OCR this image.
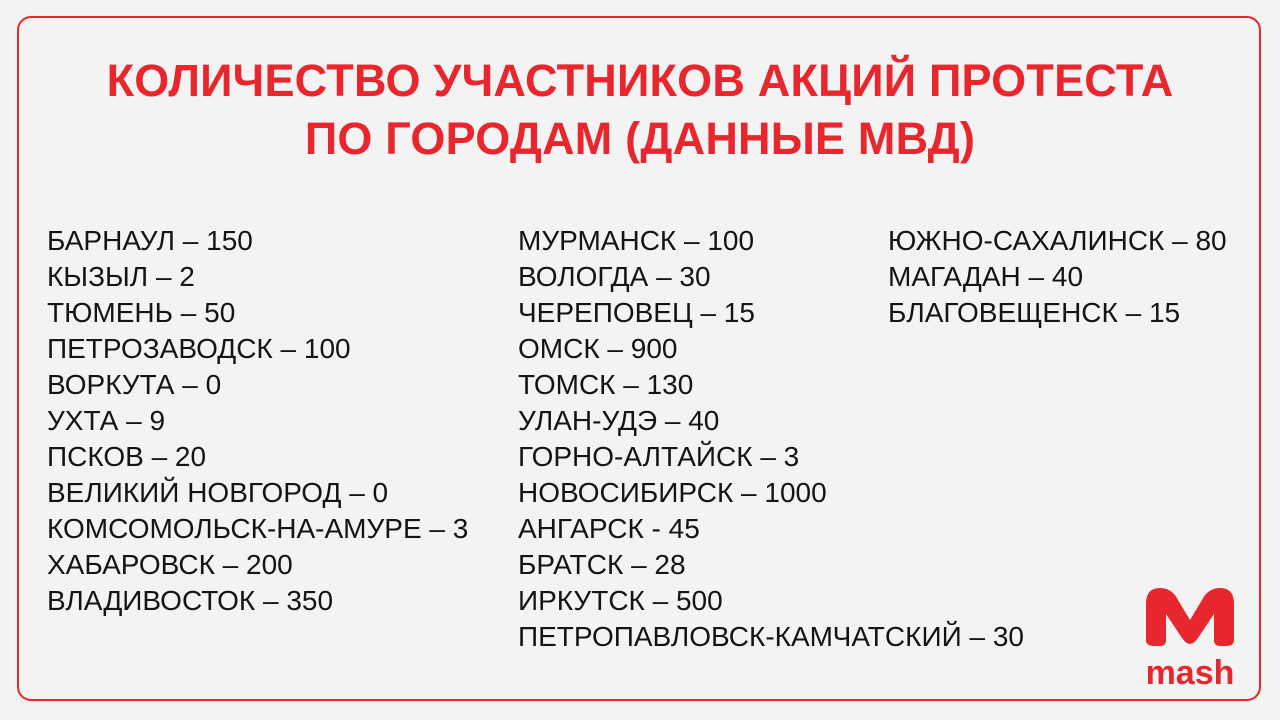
КОЛИЧЕСТВО УЧАСТНИКОВ АКЦИЙ ПРОТЕСТА
ПО ГОРОДАМ (ДАННЫЕ МВД)
БАРНАУЛ – 150
КЫЗЫЛ – 2
ТЮМЕНЬ – 50
ПЕТРОЗАВОДСК – 100
ВОРКУТА – 0
УХТА – 9
ПСКОВ – 20
ВЕЛИКИЙ НОВГОРОД – 0
КОМСОМОЛЬСК-НА-АМУРЕ – 3
ХАБАРОВСК – 200
ВЛАДИВОСТОК – 350
МУРМАНСК – 100
ВОЛОГДА – 30
ЧЕРЕПОВЕЦ – 15
ОМСК – 900
ТОМСК – 130
УЛАН-УДЭ – 40
ГОРНО-АЛТАЙСК – 3
НОВОСИБИРСК – 1000
АНГАРСК - 45
БРАТСК – 28
ИРКУТСК – 500
ПЕТРОПАВЛОВСК-КАМЧАТСКИЙ – 30
ЮЖНО-САХАЛИНСК – 80
МАГАДАН – 40
БЛАГОВЕЩЕНСК – 15
mash
